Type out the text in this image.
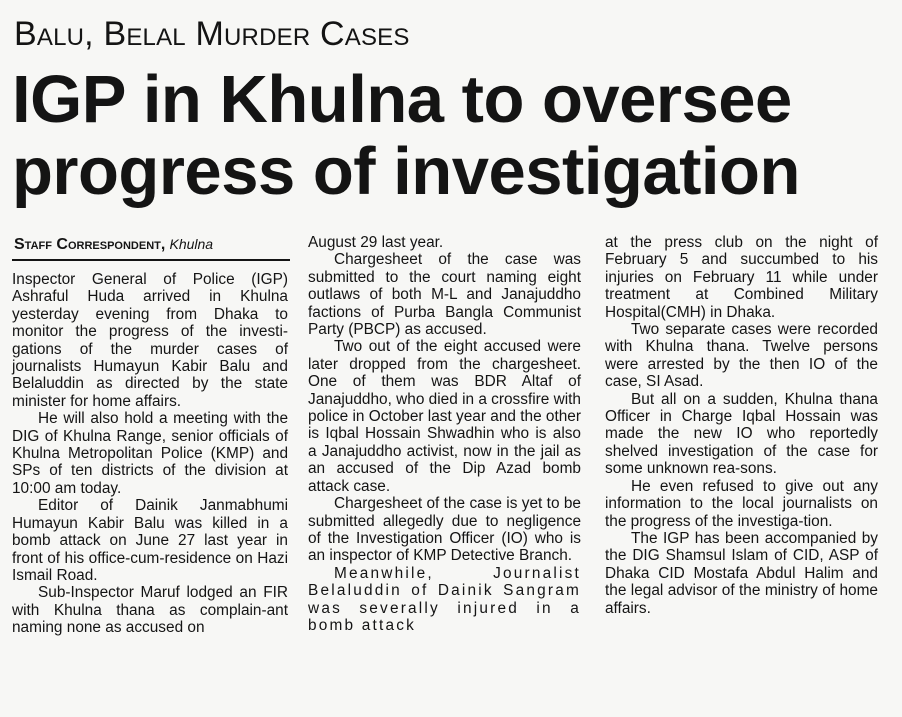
Balu, Belal Murder Cases
IGP in Khulna to oversee progress of investigation
Staff Correspondent, Khulna

Inspector General of Police (IGP) Ashraful Huda arrived in Khulna yesterday evening from Dhaka to monitor the progress of the investi-gations of the murder cases of journalists Humayun Kabir Balu and Belaluddin as directed by the state minister for home affairs.

He will also hold a meeting with the DIG of Khulna Range, senior officials of Khulna Metropolitan Police (KMP) and SPs of ten districts of the division at 10:00 am today.

Editor of Dainik Janmabhumi Humayun Kabir Balu was killed in a bomb attack on June 27 last year in front of his office-cum-residence on Hazi Ismail Road.

Sub-Inspector Maruf lodged an FIR with Khulna thana as complain-ant naming none as accused on

August 29 last year.

Chargesheet of the case was submitted to the court naming eight outlaws of both M-L and Janajuddho factions of Purba Bangla Communist Party (PBCP) as accused.

Two out of the eight accused were later dropped from the chargesheet. One of them was BDR Altaf of Janajuddho, who died in a crossfire with police in October last year and the other is Iqbal Hossain Shwadhin who is also a Janajuddho activist, now in the jail as an accused of the Dip Azad bomb attack case.

Chargesheet of the case is yet to be submitted allegedly due to negligence of the Investigation Officer (IO) who is an inspector of KMP Detective Branch.

Meanwhile, Journalist Belaluddin of Dainik Sangram was severally injured in a bomb attack

at the press club on the night of February 5 and succumbed to his injuries on February 11 while under treatment at Combined Military Hospital(CMH) in Dhaka.

Two separate cases were recorded with Khulna thana. Twelve persons were arrested by the then IO of the case, SI Asad.

But all on a sudden, Khulna thana Officer in Charge Iqbal Hossain was made the new IO who reportedly shelved investigation of the case for some unknown rea-sons.

He even refused to give out any information to the local journalists on the progress of the investiga-tion.

The IGP has been accompanied by the DIG Shamsul Islam of CID, ASP of Dhaka CID Mostafa Abdul Halim and the legal advisor of the ministry of home affairs.
